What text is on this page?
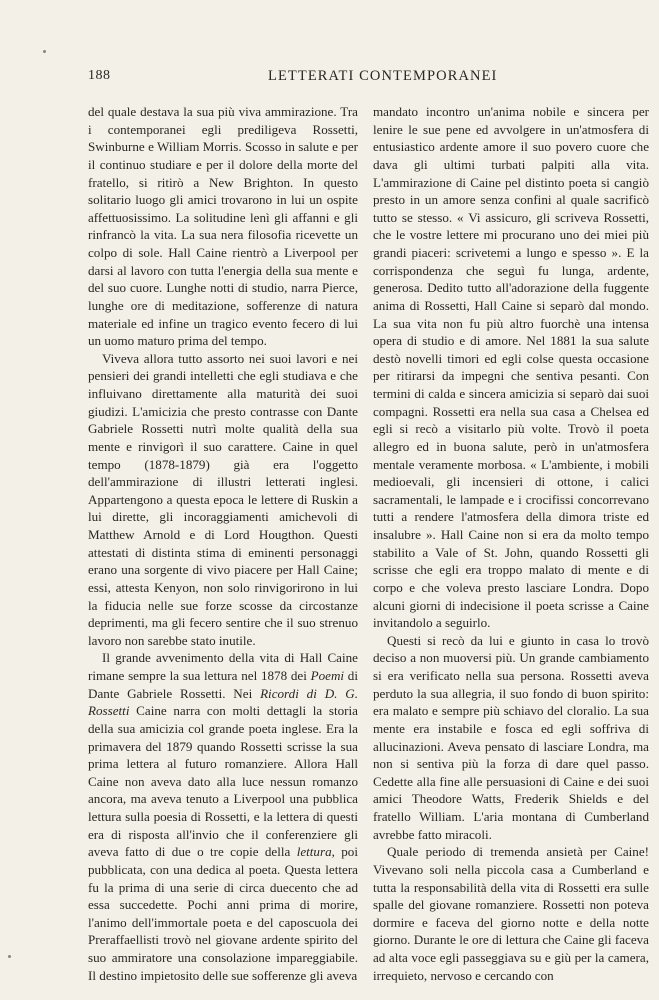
188	LETTERATI CONTEMPORANEI

del quale destava la sua più viva ammirazione. Tra i contemporanei egli prediligeva Rossetti, Swinburne e William Morris. Scosso in salute e per il continuo studiare e per il dolore della morte del fratello, si ritirò a New Brighton. In questo solitario luogo gli amici trovarono in lui un ospite affettuosissimo. La solitudine lenì gli affanni e gli rinfrancò la vita. La sua nera filosofia ricevette un colpo di sole. Hall Caine rientrò a Liverpool per darsi al lavoro con tutta l'energia della sua mente e del suo cuore. Lunghe notti di studio, narra Pierce, lunghe ore di meditazione, sofferenze di natura materiale ed infine un tragico evento fecero di lui un uomo maturo prima del tempo.

Viveva allora tutto assorto nei suoi lavori e nei pensieri dei grandi intelletti che egli studiava e che influivano direttamente alla maturità dei suoi giudizi. L'amicizia che presto contrasse con Dante Gabriele Rossetti nutrì molte qualità della sua mente e rinvigorì il suo carattere. Caine in quel tempo (1878-1879) già era l'oggetto dell'ammirazione di illustri letterati inglesi. Appartengono a questa epoca le lettere di Ruskin a lui dirette, gli incoraggiamenti amichevoli di Matthew Arnold e di Lord Hougthon. Questi attestati di distinta stima di eminenti personaggi erano una sorgente di vivo piacere per Hall Caine; essi, attesta Kenyon, non solo rinvigorirono in lui la fiducia nelle sue forze scosse da circostanze deprimenti, ma gli fecero sentire che il suo strenuo lavoro non sarebbe stato inutile.

Il grande avvenimento della vita di Hall Caine rimane sempre la sua lettura nel 1878 dei Poemi di Dante Gabriele Rossetti. Nei Ricordi di D. G. Rossetti Caine narra con molti dettagli la storia della sua amicizia col grande poeta inglese. Era la primavera del 1879 quando Rossetti scrisse la sua prima lettera al futuro romanziere. Allora Hall Caine non aveva dato alla luce nessun romanzo ancora, ma aveva tenuto a Liverpool una pubblica lettura sulla poesia di Rossetti, e la lettera di questi era di risposta all'invio che il conferenziere gli aveva fatto di due o tre copie della lettura, poi pubblicata, con una dedica al poeta. Questa lettera fu la prima di una serie di circa duecento che ad essa succedette. Pochi anni prima di morire, l'animo dell'immortale poeta e del caposcuola dei Preraffaellisti trovò nel giovane ardente spirito del suo ammiratore una consolazione impareggiabile. Il destino impietosito delle sue sofferenze gli aveva

mandato incontro un'anima nobile e sincera per lenire le sue pene ed avvolgere in un'atmosfera di entusiastico ardente amore il suo povero cuore che dava gli ultimi turbati palpiti alla vita. L'ammirazione di Caine pel distinto poeta si cangiò presto in un amore senza confini al quale sacrificò tutto se stesso. « Vi assicuro, gli scriveva Rossetti, che le vostre lettere mi procurano uno dei miei più grandi piaceri: scrivetemi a lungo e spesso ». E la corrispondenza che seguì fu lunga, ardente, generosa. Dedito tutto all'adorazione della fuggente anima di Rossetti, Hall Caine si separò dal mondo. La sua vita non fu più altro fuorchè una intensa opera di studio e di amore. Nel 1881 la sua salute destò novelli timori ed egli colse questa occasione per ritirarsi da impegni che sentiva pesanti. Con termini di calda e sincera amicizia si separò dai suoi compagni. Rossetti era nella sua casa a Chelsea ed egli si recò a visitarlo più volte. Trovò il poeta allegro ed in buona salute, però in un'atmosfera mentale veramente morbosa. « L'ambiente, i mobili medioevali, gli incensieri di ottone, i calici sacramentali, le lampade e i crocifissi concorrevano tutti a rendere l'atmosfera della dimora triste ed insalubre ». Hall Caine non si era da molto tempo stabilito a Vale of St. John, quando Rossetti gli scrisse che egli era troppo malato di mente e di corpo e che voleva presto lasciare Londra. Dopo alcuni giorni di indecisione il poeta scrisse a Caine invitandolo a seguirlo.

Questi si recò da lui e giunto in casa lo trovò deciso a non muoversi più. Un grande cambiamento si era verificato nella sua persona. Rossetti aveva perduto la sua allegria, il suo fondo di buon spirito: era malato e sempre più schiavo del cloralio. La sua mente era instabile e fosca ed egli soffriva di allucinazioni. Aveva pensato di lasciare Londra, ma non si sentiva più la forza di dare quel passo. Cedette alla fine alle persuasioni di Caine e dei suoi amici Theodore Watts, Frederik Shields e del fratello William. L'aria montana di Cumberland avrebbe fatto miracoli.

Quale periodo di tremenda ansietà per Caine! Vivevano soli nella piccola casa a Cumberland e tutta la responsabilità della vita di Rossetti era sulle spalle del giovane romanziere. Rossetti non poteva dormire e faceva del giorno notte e della notte giorno. Durante le ore di lettura che Caine gli faceva ad alta voce egli passeggiava su e giù per la camera, irrequieto, nervoso e cercando con
